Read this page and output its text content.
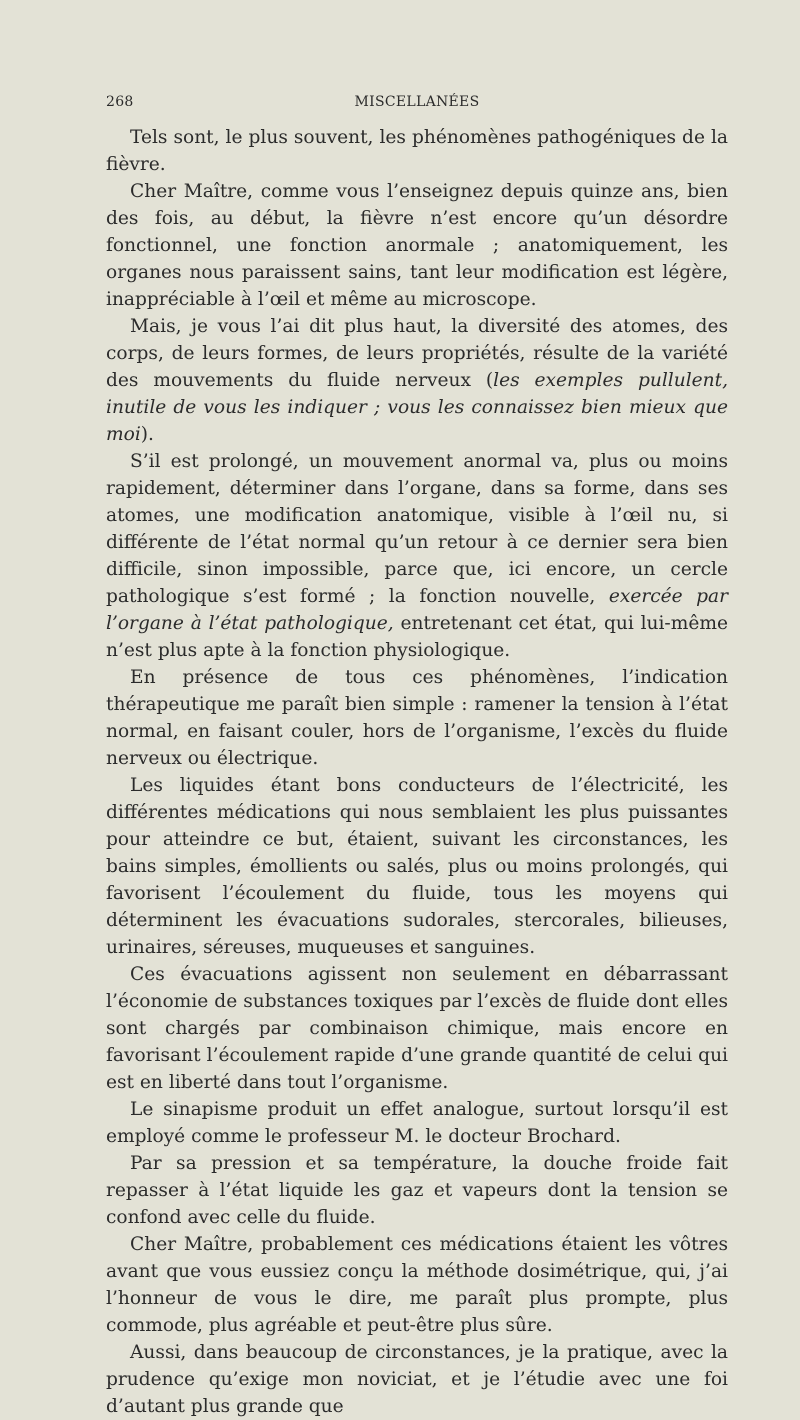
268	MISCELLANÉES

Tels sont, le plus souvent, les phénomènes pathogéniques de la fièvre.

Cher Maître, comme vous l’enseignez depuis quinze ans, bien des fois, au début, la fièvre n’est encore qu’un désordre fonctionnel, une fonction anormale ; anatomiquement, les organes nous paraissent sains, tant leur modification est légère, inappréciable à l’œil et même au microscope.

Mais, je vous l’ai dit plus haut, la diversité des atomes, des corps, de leurs formes, de leurs propriétés, résulte de la variété des mouvements du fluide nerveux (les exemples pullulent, inutile de vous les indiquer ; vous les connaissez bien mieux que moi).

S’il est prolongé, un mouvement anormal va, plus ou moins rapidement, déterminer dans l’organe, dans sa forme, dans ses atomes, une modification anatomique, visible à l’œil nu, si différente de l’état normal qu’un retour à ce dernier sera bien difficile, sinon impossible, parce que, ici encore, un cercle pathologique s’est formé ; la fonction nouvelle, exercée par l’organe à l’état pathologique, entretenant cet état, qui lui-même n’est plus apte à la fonction physiologique.

En présence de tous ces phénomènes, l’indication thérapeutique me paraît bien simple : ramener la tension à l’état normal, en faisant couler, hors de l’organisme, l’excès du fluide nerveux ou électrique.

Les liquides étant bons conducteurs de l’électricité, les différentes médications qui nous semblaient les plus puissantes pour atteindre ce but, étaient, suivant les circonstances, les bains simples, émollients ou salés, plus ou moins prolongés, qui favorisent l’écoulement du fluide, tous les moyens qui déterminent les évacuations sudorales, stercorales, bilieuses, urinaires, séreuses, muqueuses et sanguines.

Ces évacuations agissent non seulement en débarrassant l’économie de substances toxiques par l’excès de fluide dont elles sont chargés par combinaison chimique, mais encore en favorisant l’écoulement rapide d’une grande quantité de celui qui est en liberté dans tout l’organisme.

Le sinapisme produit un effet analogue, surtout lorsqu’il est employé comme le professeur M. le docteur Brochard.

Par sa pression et sa température, la douche froide fait repasser à l’état liquide les gaz et vapeurs dont la tension se confond avec celle du fluide.

Cher Maître, probablement ces médications étaient les vôtres avant que vous eussiez conçu la méthode dosimétrique, qui, j’ai l’honneur de vous le dire, me paraît plus prompte, plus commode, plus agréable et peut-être plus sûre.

Aussi, dans beaucoup de circonstances, je la pratique, avec la prudence qu’exige mon noviciat, et je l’étudie avec une foi d’autant plus grande que
